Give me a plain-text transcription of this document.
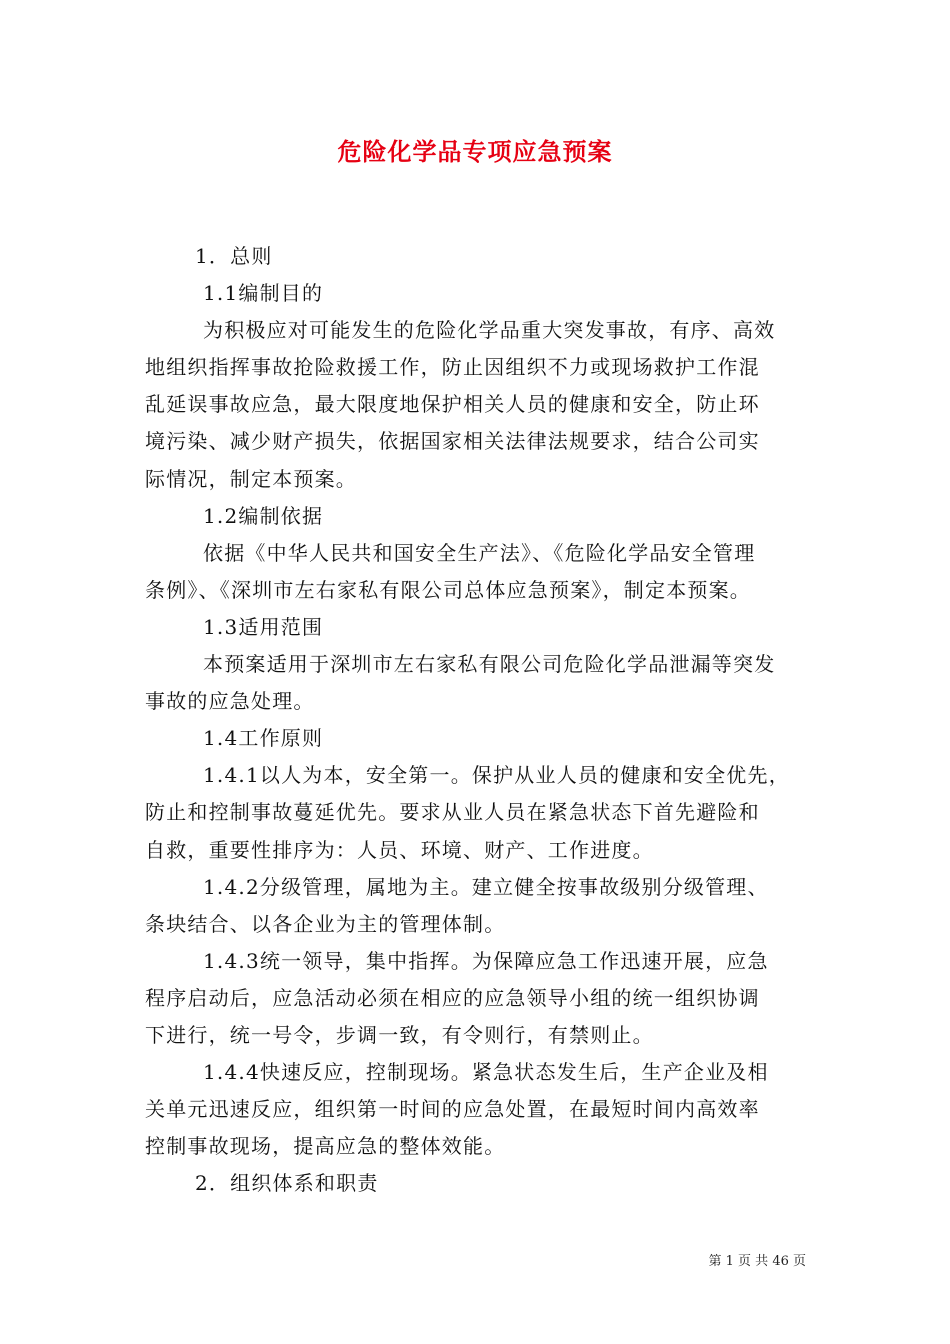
危险化学品专项应急预案
1．总则
1.1编制目的
为积极应对可能发生的危险化学品重大突发事故，有序、高效
地组织指挥事故抢险救援工作，防止因组织不力或现场救护工作混
乱延误事故应急，最大限度地保护相关人员的健康和安全，防止环
境污染、减少财产损失，依据国家相关法律法规要求，结合公司实
际情况，制定本预案。
1.2编制依据
依据《中华人民共和国安全生产法》、《危险化学品安全管理
条例》、《深圳市左右家私有限公司总体应急预案》，制定本预案。
1.3适用范围
本预案适用于深圳市左右家私有限公司危险化学品泄漏等突发
事故的应急处理。
1.4工作原则
1.4.1以人为本，安全第一。保护从业人员的健康和安全优先，
防止和控制事故蔓延优先。要求从业人员在紧急状态下首先避险和
自救，重要性排序为：人员、环境、财产、工作进度。
1.4.2分级管理，属地为主。建立健全按事故级别分级管理、
条块结合、以各企业为主的管理体制。
1.4.3统一领导，集中指挥。为保障应急工作迅速开展，应急
程序启动后，应急活动必须在相应的应急领导小组的统一组织协调
下进行，统一号令，步调一致，有令则行，有禁则止。
1.4.4快速反应，控制现场。紧急状态发生后，生产企业及相
关单元迅速反应，组织第一时间的应急处置，在最短时间内高效率
控制事故现场，提高应急的整体效能。
2．组织体系和职责
第 1 页 共 46 页
